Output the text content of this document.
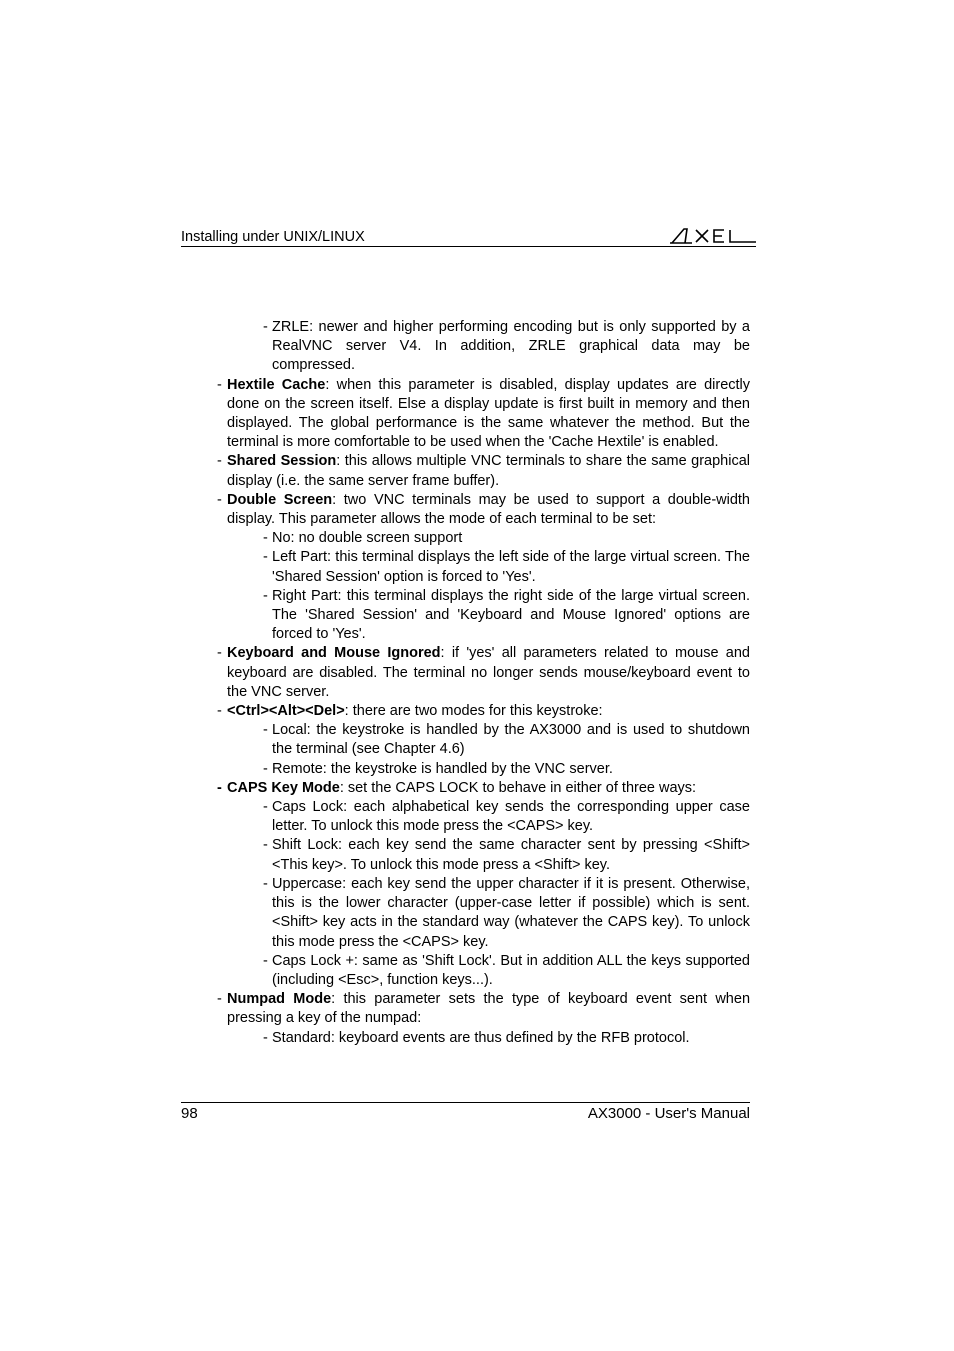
Installing under UNIX/LINUX
- ZRLE: newer and higher performing encoding but is only supported by a RealVNC server V4. In addition, ZRLE graphical data may be compressed.
- Hextile Cache: when this parameter is disabled, display updates are directly done on the screen itself. Else a display update is first built in memory and then displayed. The global performance is the same whatever the method. But the terminal is more comfortable to be used when the 'Cache Hextile' is enabled.
- Shared Session: this allows multiple VNC terminals to share the same graphical display (i.e. the same server frame buffer).
- Double Screen: two VNC terminals may be used to support a double-width display. This parameter allows the mode of each terminal to be set:
- No: no double screen support
- Left Part: this terminal displays the left side of the large virtual screen. The 'Shared Session' option is forced to 'Yes'.
- Right Part: this terminal displays the right side of the large virtual screen. The 'Shared Session' and 'Keyboard and Mouse Ignored' options are forced to 'Yes'.
- Keyboard and Mouse Ignored: if 'yes' all parameters related to mouse and keyboard are disabled. The terminal no longer sends mouse/keyboard event to the VNC server.
- <Ctrl><Alt><Del>: there are two modes for this keystroke:
- Local: the keystroke is handled by the AX3000 and is used to shutdown the terminal (see Chapter 4.6)
- Remote: the keystroke is handled by the VNC server.
- CAPS Key Mode: set the CAPS LOCK to behave in either of three ways:
- Caps Lock: each alphabetical key sends the corresponding upper case letter. To unlock this mode press the <CAPS> key.
- Shift Lock: each key send the same character sent by pressing <Shift><This key>. To unlock this mode press a <Shift> key.
- Uppercase: each key send the upper character if it is present. Otherwise, this is the lower character (upper-case letter if possible) which is sent. <Shift> key acts in the standard way (whatever the CAPS key). To unlock this mode press the <CAPS> key.
- Caps Lock +: same as 'Shift Lock'. But in addition ALL the keys supported (including <Esc>, function keys...).
- Numpad Mode: this parameter sets the type of keyboard event sent when pressing a key of the numpad:
- Standard: keyboard events are thus defined by the RFB protocol.
98	AX3000 - User's Manual
